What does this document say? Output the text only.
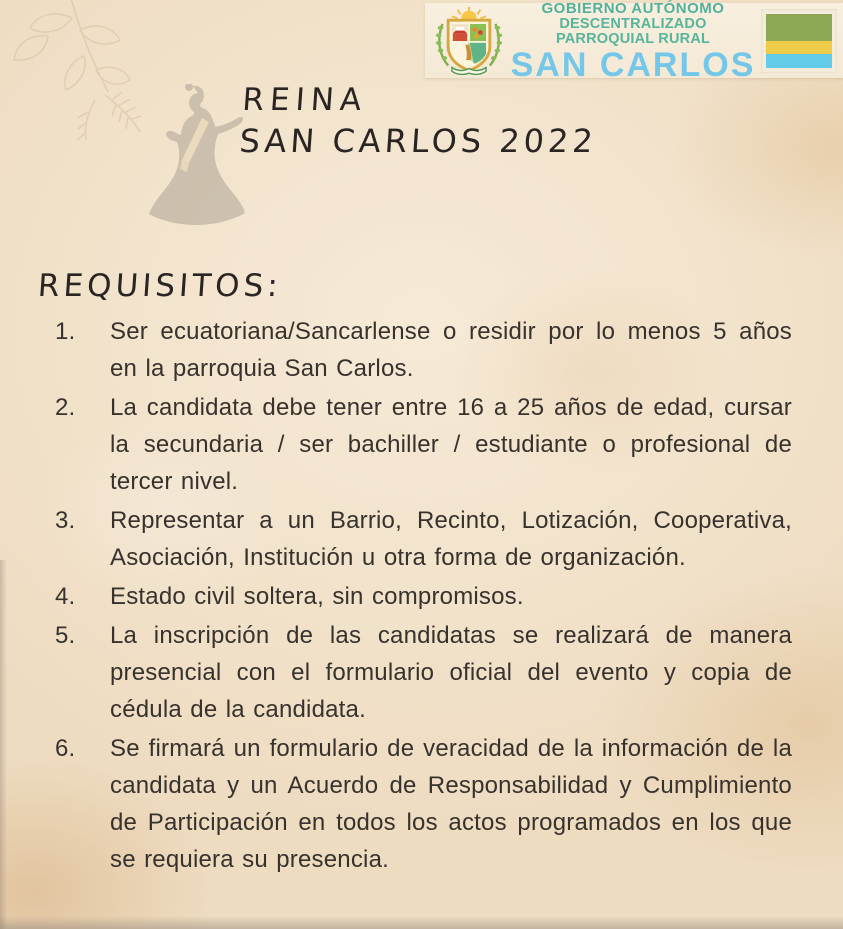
GOBIERNO AUTÓNOMO
DESCENTRALIZADO PARROQUIAL RURAL
SAN CARLOS
REINA
SAN CARLOS 2022
REQUISITOS:
1.	Ser ecuatoriana/Sancarlense o residir por lo menos 5 años en la parroquia San Carlos.
2.	La candidata debe tener entre 16 a 25 años de edad, cursar la secundaria / ser bachiller / estudiante o profesional de tercer nivel.
3.	Representar a un Barrio, Recinto, Lotización, Cooperativa, Asociación, Institución u otra forma de organización.
4.	Estado civil soltera, sin compromisos.
5.	La inscripción de las candidatas se realizará de manera presencial con el formulario oficial del evento y copia de cédula de la candidata.
6.	Se firmará un formulario de veracidad de la información de la candidata y un Acuerdo de Responsabilidad y Cumplimiento de Participación en todos los actos programados en los que se requiera su presencia.
